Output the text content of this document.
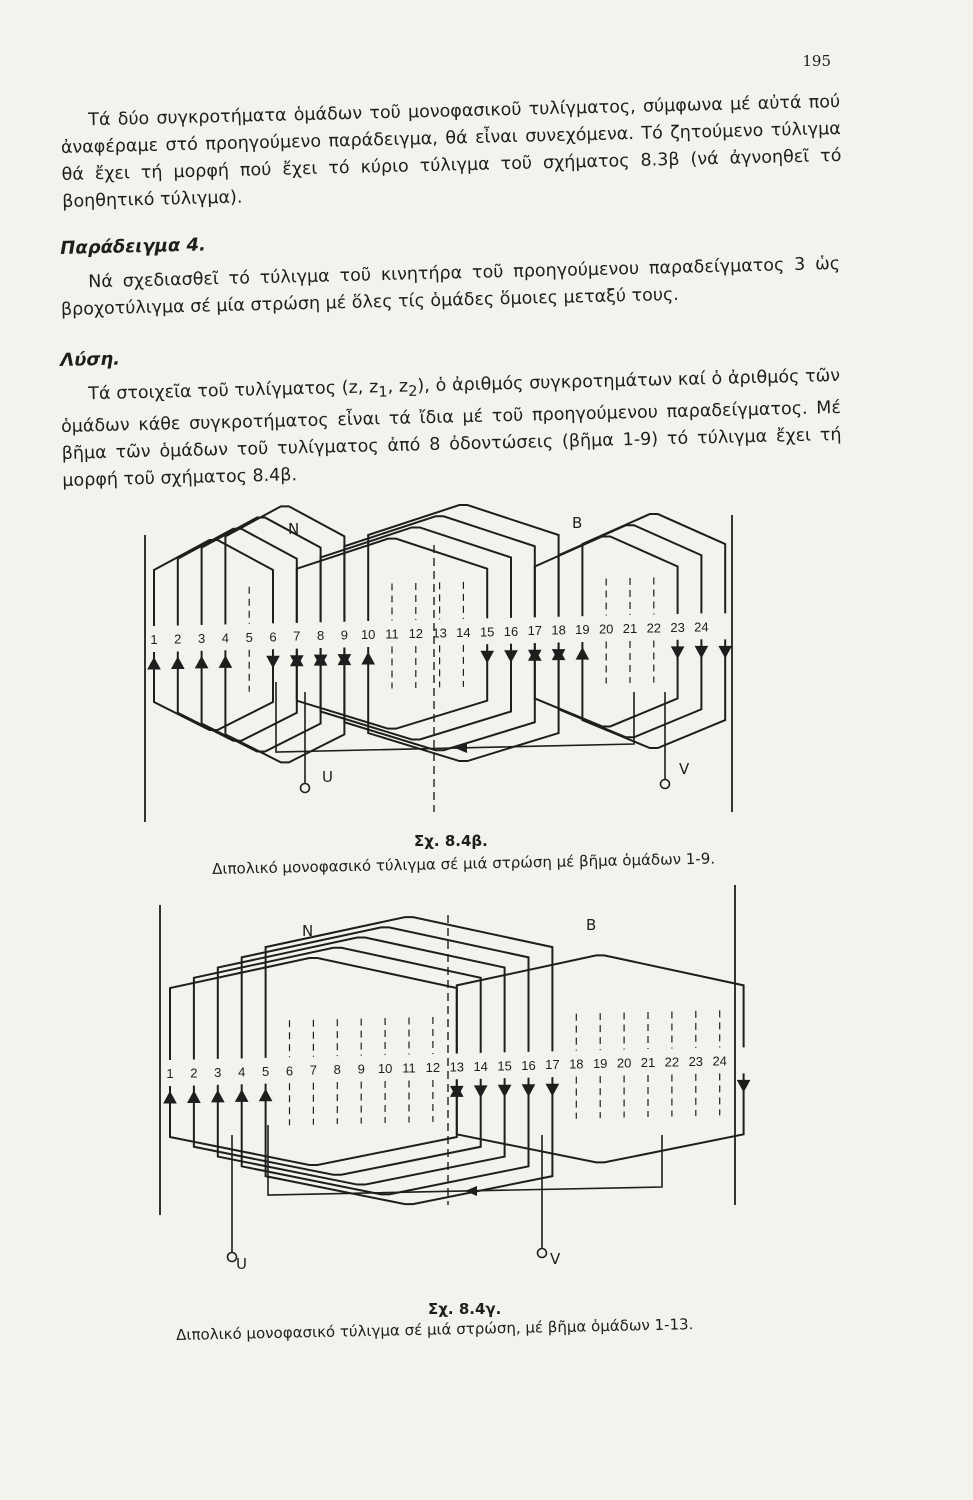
195

Τά δύο συγκροτήματα ὁμάδων τοῦ μονοφασικοῦ τυλίγματος, σύμφωνα μέ αὐτά πού ἀναφέραμε στό προηγούμενο παράδειγμα, θά εἶναι συνεχόμενα. Τό ζητούμενο τύλιγμα θά ἔχει τή μορφή πού ἔχει τό κύριο τύλιγμα τοῦ σχήματος 8.3β (νά ἀγνοηθεῖ τό βοηθητικό τύλιγμα).

Παράδειγμα 4.

Νά σχεδιασθεῖ τό τύλιγμα τοῦ κινητήρα τοῦ προηγούμενου παραδείγματος 3 ὡς βροχοτύλιγμα σέ μία στρώση μέ ὅλες τίς ὁμάδες ὅμοιες μεταξύ τους.

Λύση.

Τά στοιχεῖα τοῦ τυλίγματος (z, $z_1$, $z_2$), ὁ ἀριθμός συγκροτημάτων καί ὁ ἀριθμός τῶν ὁμάδων κάθε συγκροτήματος εἶναι τά ἴδια μέ τοῦ προηγούμενου παραδείγματος. Μέ βῆμα τῶν ὁμάδων τοῦ τυλίγματος ἀπό 8 ὀδοντώσεις (βῆμα 1-9) τό τύλιγμα ἔχει τή μορφή τοῦ σχήματος 8.4β.

1 2 3 4 5 6 7 8 9 10 11 12 13 14 15 16 17 18 19 20 21 22 23 24
N	B
U	V
Σχ. 8.4β.
Διπολικό μονοφασικό τύλιγμα σέ μιά στρώση μέ βῆμα ὁμάδων 1-9.
1 2 3 4 5 6 7 8 9 10 11 12 13 14 15 16 17 18 19 20 21 22 23 24
N	B
U	V
Σχ. 8.4γ.
Διπολικό μονοφασικό τύλιγμα σέ μιά στρώση, μέ βῆμα ὁμάδων 1-13.
